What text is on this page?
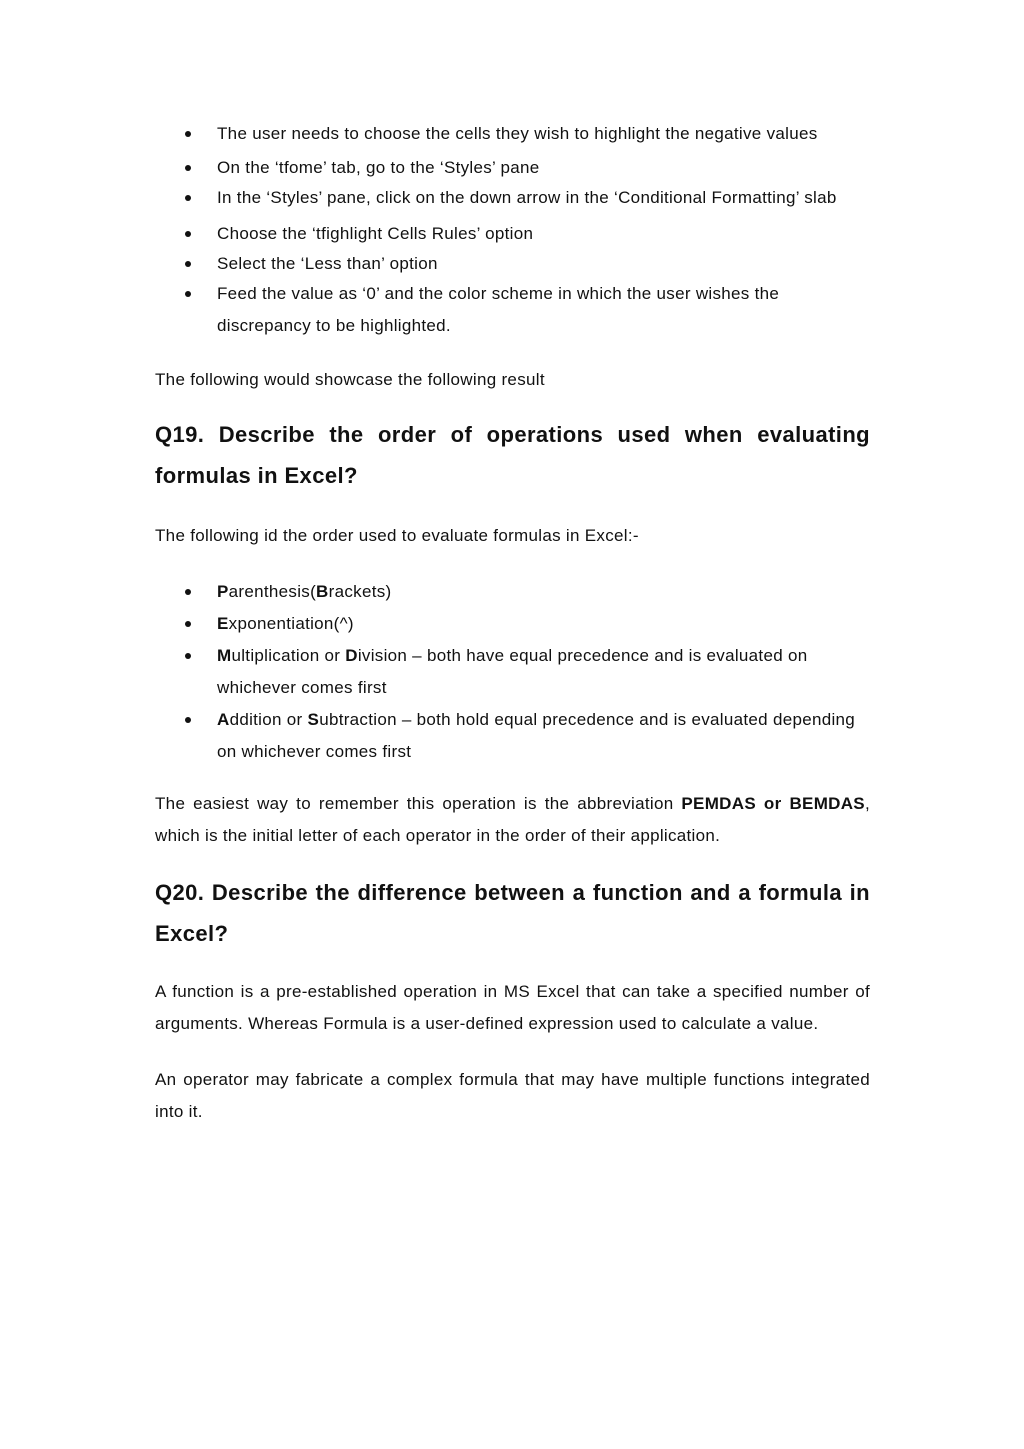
The user needs to choose the cells they wish to highlight the negative values
On the ‘tfome’ tab, go to the ‘Styles’ pane
In the ‘Styles’ pane, click on the down arrow in the ‘Conditional Formatting’ slab
Choose the ‘tfighlight Cells Rules’ option
Select the ‘Less than’ option
Feed the value as ‘0’ and the color scheme in which the user wishes the discrepancy to be highlighted.

The following would showcase the following result

Q19. Describe the order of operations used when evaluating formulas in Excel?

The following id the order used to evaluate formulas in Excel:-

Parenthesis(Brackets)
Exponentiation(^)
Multiplication or Division – both have equal precedence and is evaluated on whichever comes first
Addition or Subtraction – both hold equal precedence and is evaluated depending on whichever comes first

The easiest way to remember this operation is the abbreviation PEMDAS or BEMDAS, which is the initial letter of each operator in the order of their application.

Q20. Describe the difference between a function and a formula in Excel?

A function is a pre-established operation in MS Excel that can take a specified number of arguments. Whereas Formula is a user-defined expression used to calculate a value.

An operator may fabricate a complex formula that may have multiple functions integrated into it.
